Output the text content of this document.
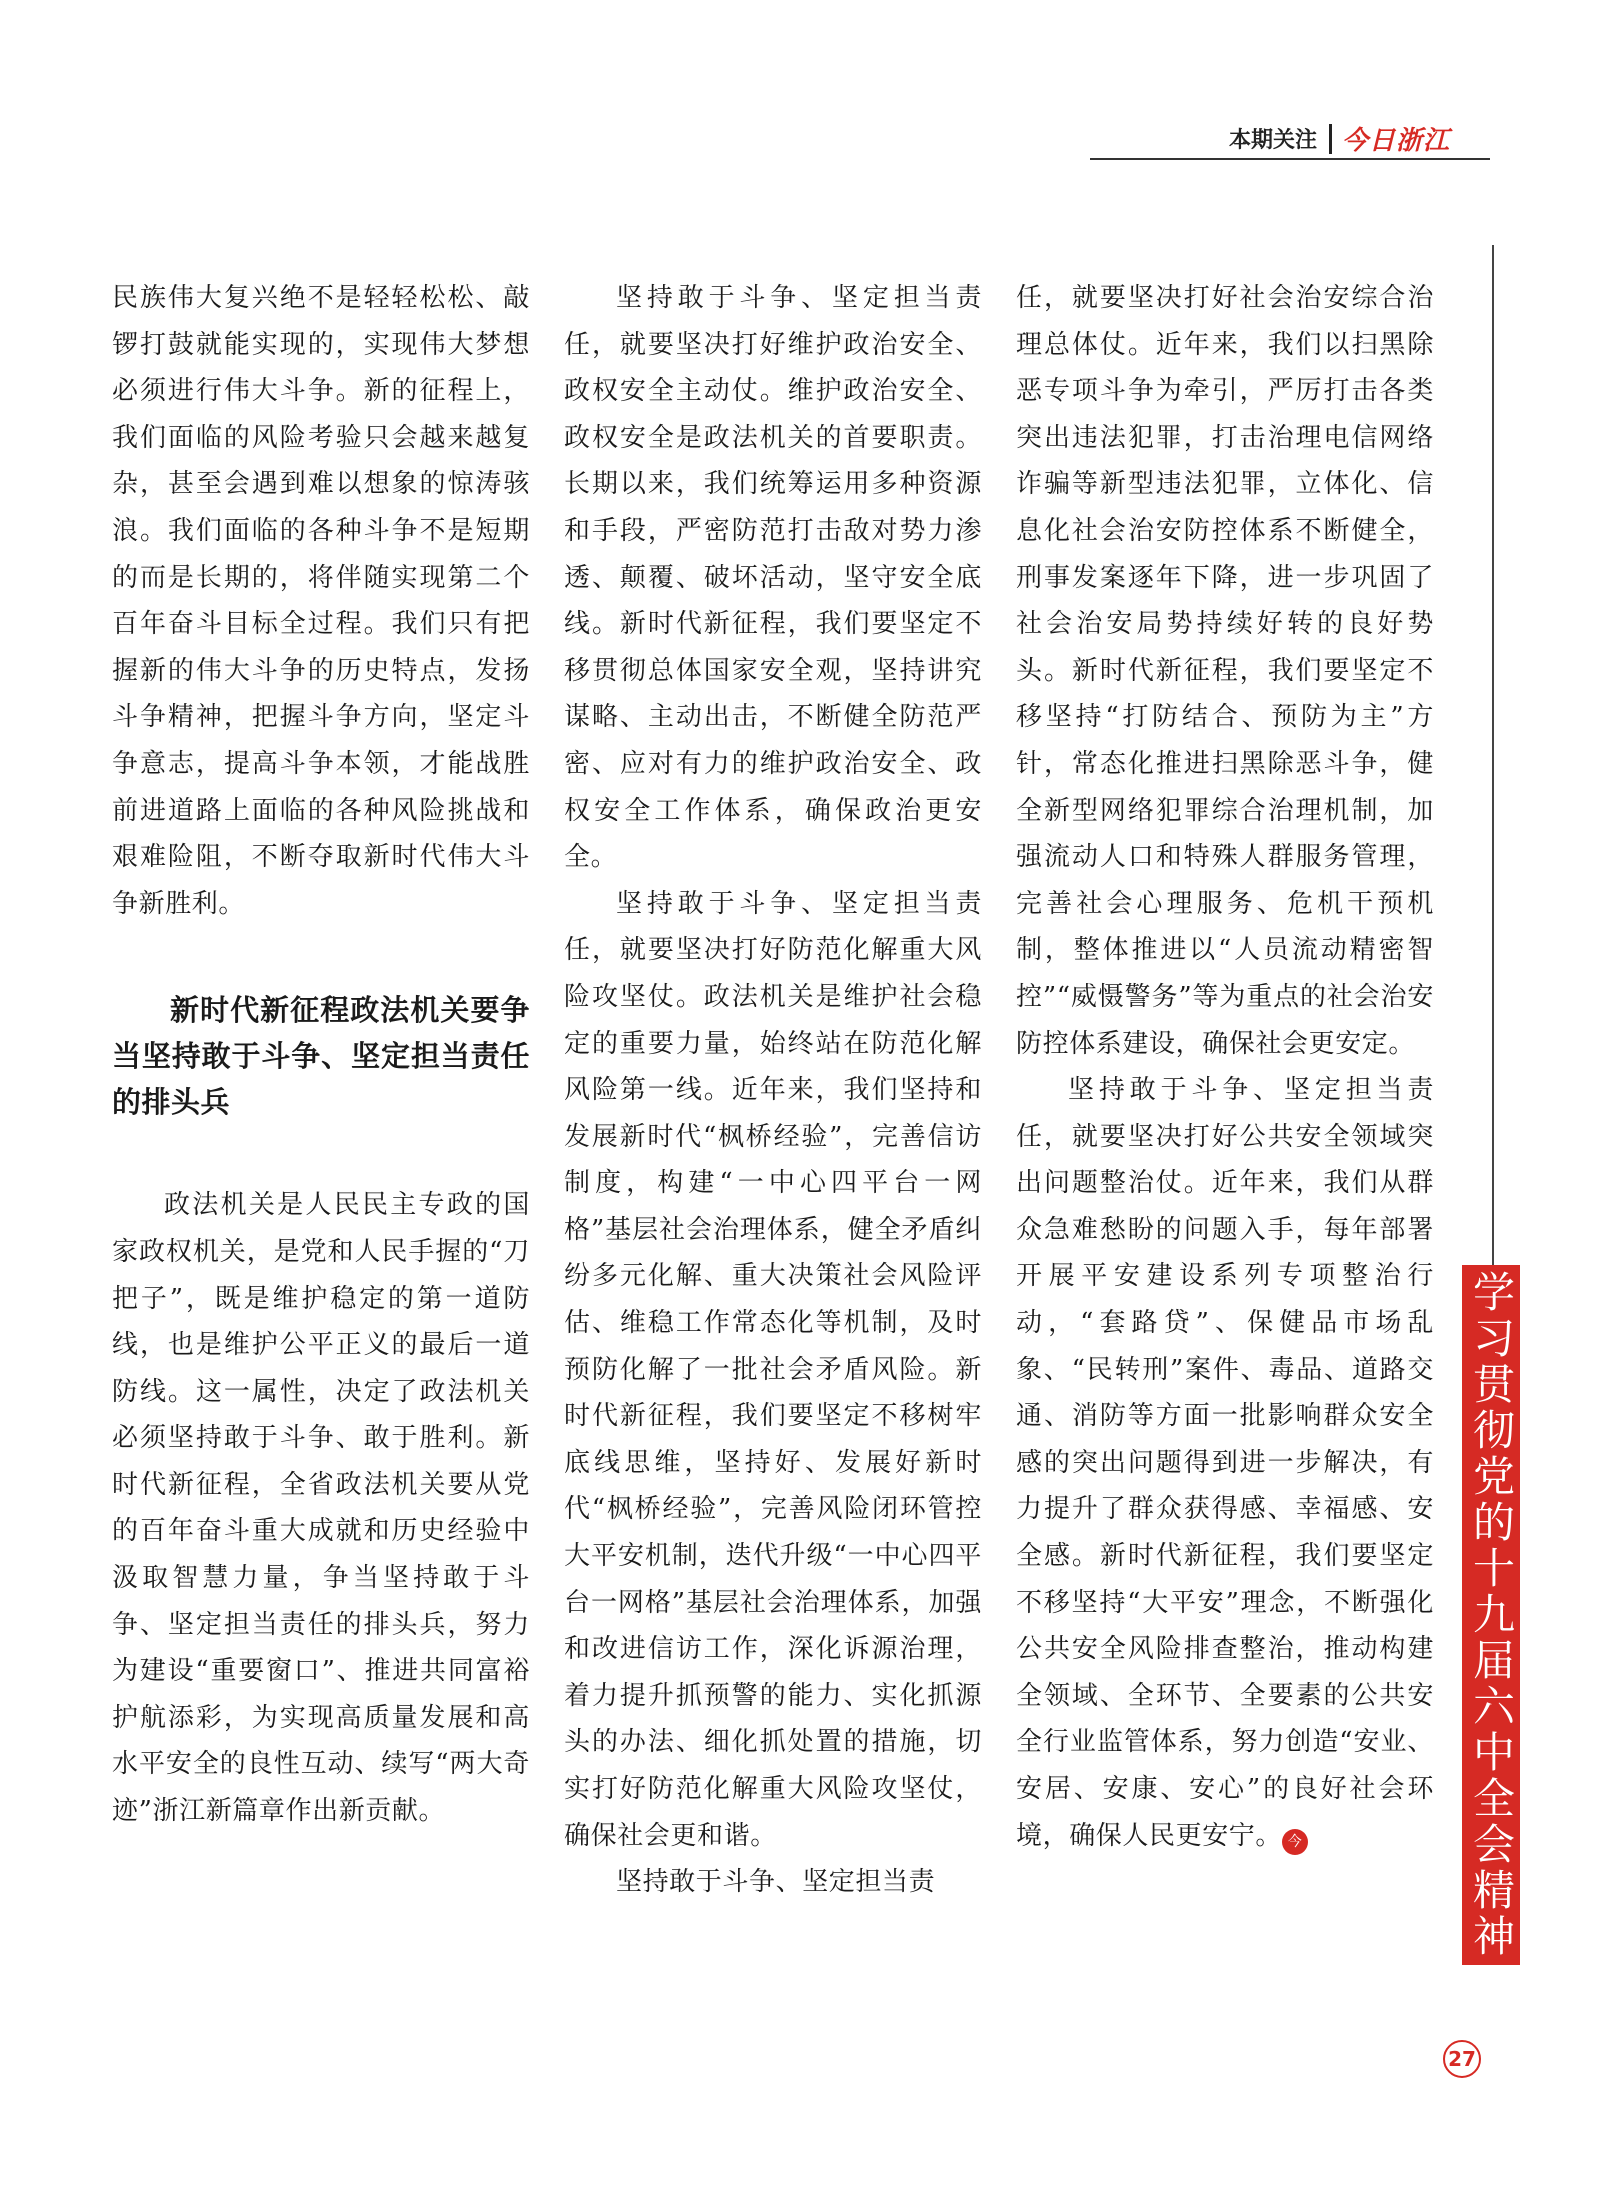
本期关注 今日浙江

民族伟大复兴绝不是轻轻松松、敲锣打鼓就能实现的，实现伟大梦想必须进行伟大斗争。新的征程上，我们面临的风险考验只会越来越复杂，甚至会遇到难以想象的惊涛骇浪。我们面临的各种斗争不是短期的而是长期的，将伴随实现第二个百年奋斗目标全过程。我们只有把握新的伟大斗争的历史特点，发扬斗争精神，把握斗争方向，坚定斗争意志，提高斗争本领，才能战胜前进道路上面临的各种风险挑战和艰难险阻，不断夺取新时代伟大斗争新胜利。

新时代新征程政法机关要争当坚持敢于斗争、坚定担当责任的排头兵

政法机关是人民民主专政的国家政权机关，是党和人民手握的“刀把子”，既是维护稳定的第一道防线，也是维护公平正义的最后一道防线。这一属性，决定了政法机关必须坚持敢于斗争、敢于胜利。新时代新征程，全省政法机关要从党的百年奋斗重大成就和历史经验中汲取智慧力量，争当坚持敢于斗争、坚定担当责任的排头兵，努力为建设“重要窗口”、推进共同富裕护航添彩，为实现高质量发展和高水平安全的良性互动、续写“两大奇迹”浙江新篇章作出新贡献。

坚持敢于斗争、坚定担当责任，就要坚决打好维护政治安全、政权安全主动仗。维护政治安全、政权安全是政法机关的首要职责。长期以来，我们统筹运用多种资源和手段，严密防范打击敌对势力渗透、颠覆、破坏活动，坚守安全底线。新时代新征程，我们要坚定不移贯彻总体国家安全观，坚持讲究谋略、主动出击，不断健全防范严密、应对有力的维护政治安全、政权安全工作体系，确保政治更安全。

坚持敢于斗争、坚定担当责任，就要坚决打好防范化解重大风险攻坚仗。政法机关是维护社会稳定的重要力量，始终站在防范化解风险第一线。近年来，我们坚持和发展新时代“枫桥经验”，完善信访制度，构建“一中心四平台一网格”基层社会治理体系，健全矛盾纠纷多元化解、重大决策社会风险评估、维稳工作常态化等机制，及时预防化解了一批社会矛盾风险。新时代新征程，我们要坚定不移树牢底线思维，坚持好、发展好新时代“枫桥经验”，完善风险闭环管控大平安机制，迭代升级“一中心四平台一网格”基层社会治理体系，加强和改进信访工作，深化诉源治理，着力提升抓预警的能力、实化抓源头的办法、细化抓处置的措施，切实打好防范化解重大风险攻坚仗，确保社会更和谐。

坚持敢于斗争、坚定担当责

任，就要坚决打好社会治安综合治理总体仗。近年来，我们以扫黑除恶专项斗争为牵引，严厉打击各类突出违法犯罪，打击治理电信网络诈骗等新型违法犯罪，立体化、信息化社会治安防控体系不断健全，刑事发案逐年下降，进一步巩固了社会治安局势持续好转的良好势头。新时代新征程，我们要坚定不移坚持“打防结合、预防为主”方针，常态化推进扫黑除恶斗争，健全新型网络犯罪综合治理机制，加强流动人口和特殊人群服务管理，完善社会心理服务、危机干预机制，整体推进以“人员流动精密智控”“威慑警务”等为重点的社会治安防控体系建设，确保社会更安定。

坚持敢于斗争、坚定担当责任，就要坚决打好公共安全领域突出问题整治仗。近年来，我们从群众急难愁盼的问题入手，每年部署开展平安建设系列专项整治行动，“套路贷”、保健品市场乱象、“民转刑”案件、毒品、道路交通、消防等方面一批影响群众安全感的突出问题得到进一步解决，有力提升了群众获得感、幸福感、安全感。新时代新征程，我们要坚定不移坚持“大平安”理念，不断强化公共安全风险排查整治，推动构建全领域、全环节、全要素的公共安全行业监管体系，努力创造“安业、安居、安康、安心”的良好社会环境，确保人民更安宁。 今	学习贯彻党的十九届六中全会精神
27
